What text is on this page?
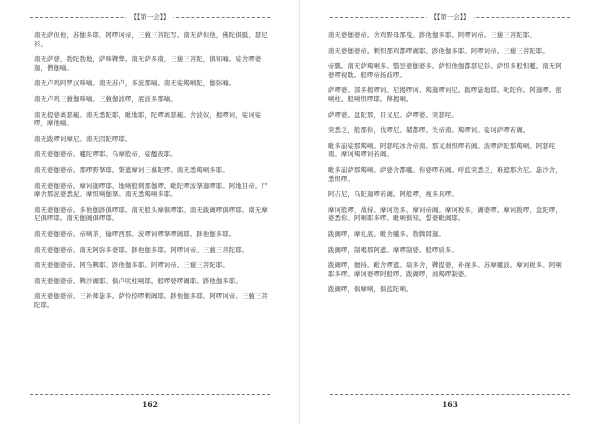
【【第一会】】

南无萨但他，苏伽多耶，阿啰诃帝，三藐三菩陀写。南无萨但他，佛陀俱胝，瑟尼衫。

南无萨婆，勃陀勃地，萨哆鞞弊。南无萨多南，三藐三菩陀，俱知喃。娑舍啰婆迦，僧伽喃。

南无卢鸡阿罗汉哆喃。南无苏卢，多波那喃。南无娑羯唎陀，伽弥喃。

南无卢鸡三藐伽哆喃。三藐伽波啰，底波多那喃。

南无提婆离瑟赧。南无悉陀耶，毗地耶，陀啰离瑟赧。舍波奴，揭啰诃，娑诃娑啰，摩他喃。

南无跋啰诃摩尼。南无因陀啰耶。

南无婆伽婆帝。嚧陀啰耶。乌摩般帝，娑醯夜耶。

南无婆伽婆帝。那啰野拏耶。槃遮摩诃三慕陀啰。南无悉羯唎多耶。

南无婆伽婆帝。摩诃迦啰耶。地唎般剌那伽啰。毗陀啰波拏迦啰耶。阿地目帝。尸摩舍那泥婆悉泥。摩怛唎伽拏。南无悉羯唎多耶。

南无婆伽婆帝。多他伽跢俱啰耶。南无般头摩俱啰耶。南无跋阇啰俱啰耶。南无摩尼俱啰耶。南无伽阇俱啰耶。

南无婆伽婆帝。帝唎茶，输啰西那。波啰诃啰拏啰阇耶。跢他伽多耶。

南无婆伽婆帝。南无阿弥多婆耶。跢他伽多耶。阿啰诃帝。三藐三菩陀耶。

南无婆伽婆帝。阿刍鞞耶。跢他伽多耶。阿啰诃帝。三藐三菩陀耶。

南无婆伽婆帝。鞞沙阇耶。俱卢吠柱唎耶。般啰婆啰阇耶。跢他伽多耶。

南无婆伽婆帝。三补师毖多。萨怜捺啰剌阇耶。跢他伽多耶。阿啰诃帝。三藐三菩陀耶。

162
【【第一会】】

南无婆伽婆帝。舍鸡野母那曳。跢他伽多耶。阿啰诃帝。三藐三菩陀耶。

南无婆伽婆帝。剌怛那鸡都啰阇耶。跢他伽多耶。阿啰诃帝。三藐三菩陀耶。

帝瓢。南无萨羯唎多。翳昙婆伽婆多。萨怛他伽都瑟尼钐。萨怛多般怛嚂。南无阿婆啰视耽。般啰帝扬歧啰。

萨啰婆。部多揭啰诃。尼揭啰诃。羯迦啰诃尼。跋啰毖地耶。叱陀你。阿迦啰。密唎柱。般唎怛啰耶。儜揭唎。

萨啰婆。盘陀那，目叉尼。萨啰婆。突瑟咤。

突悉乏，般那你，伐啰尼。赭都啰。失帝南。羯啰诃。娑诃萨啰若阇。

毗多崩娑那羯唎。阿瑟咤冰舍帝南。那叉刹怛啰若阇。波啰萨陀那羯唎。阿瑟咤南。摩诃羯啰诃若阇。

毗多崩萨那羯唎。萨婆舍都嚧。你婆啰若阇。呼蓝突悉乏，难遮那舍尼。毖沙舍，悉怛啰。

阿吉尼，乌陀迦啰若阇。阿般啰，视多具啰。

摩诃般啰，战持。摩诃迭多。摩诃帝阇。摩诃税多，阇婆啰。摩诃跋啰，盘陀啰，婆悉你。阿唎耶多啰。毗唎俱知。誓婆毗阇耶。

跋阇啰，摩礼底。毗舍嚧多。勃腾罔迦。

跋阇啰，制喝那阿遮。摩啰制婆。般啰质多。

跋阇啰，擅持。毗舍啰遮。扇多舍，鞞提婆，补视多。苏摩嚧波。摩诃税多。阿唎耶多啰。摩诃婆啰阿般啰。跋阇啰，商羯啰制婆。

跋阇啰，俱摩唎，俱蓝陀唎。

163
